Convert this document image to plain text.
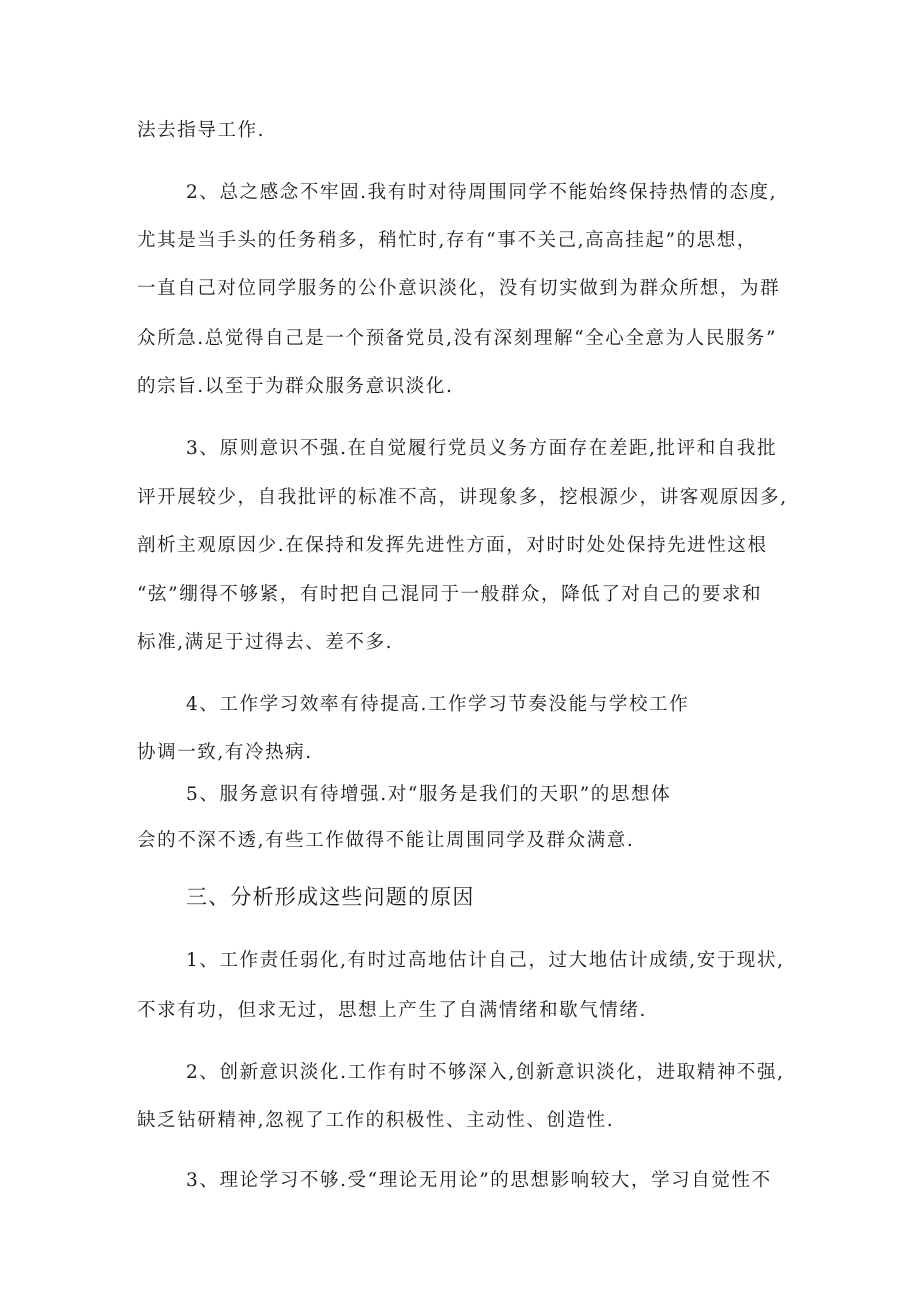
法去指导工作.
2、总之感念不牢固.我有时对待周围同学不能始终保持热情的态度,
尤其是当手头的任务稍多，稍忙时,存有“事不关己,高高挂起”的思想，
一直自己对位同学服务的公仆意识淡化，没有切实做到为群众所想，为群
众所急.总觉得自己是一个预备党员,没有深刻理解“全心全意为人民服务”
的宗旨.以至于为群众服务意识淡化.
3、原则意识不强.在自觉履行党员义务方面存在差距,批评和自我批
评开展较少，自我批评的标准不高，讲现象多，挖根源少，讲客观原因多,
剖析主观原因少.在保持和发挥先进性方面，对时时处处保持先进性这根
“弦”绷得不够紧，有时把自己混同于一般群众，降低了对自己的要求和
标准,满足于过得去、差不多.
4、工作学习效率有待提高.工作学习节奏没能与学校工作
协调一致,有冷热病.
5、服务意识有待增强.对“服务是我们的天职”的思想体
会的不深不透,有些工作做得不能让周围同学及群众满意.
三、分析形成这些问题的原因
1、工作责任弱化,有时过高地估计自己，过大地估计成绩,安于现状,
不求有功，但求无过，思想上产生了自满情绪和歇气情绪.
2、创新意识淡化.工作有时不够深入,创新意识淡化，进取精神不强,
缺乏钻研精神,忽视了工作的积极性、主动性、创造性.
3、理论学习不够.受“理论无用论”的思想影响较大，学习自觉性不
